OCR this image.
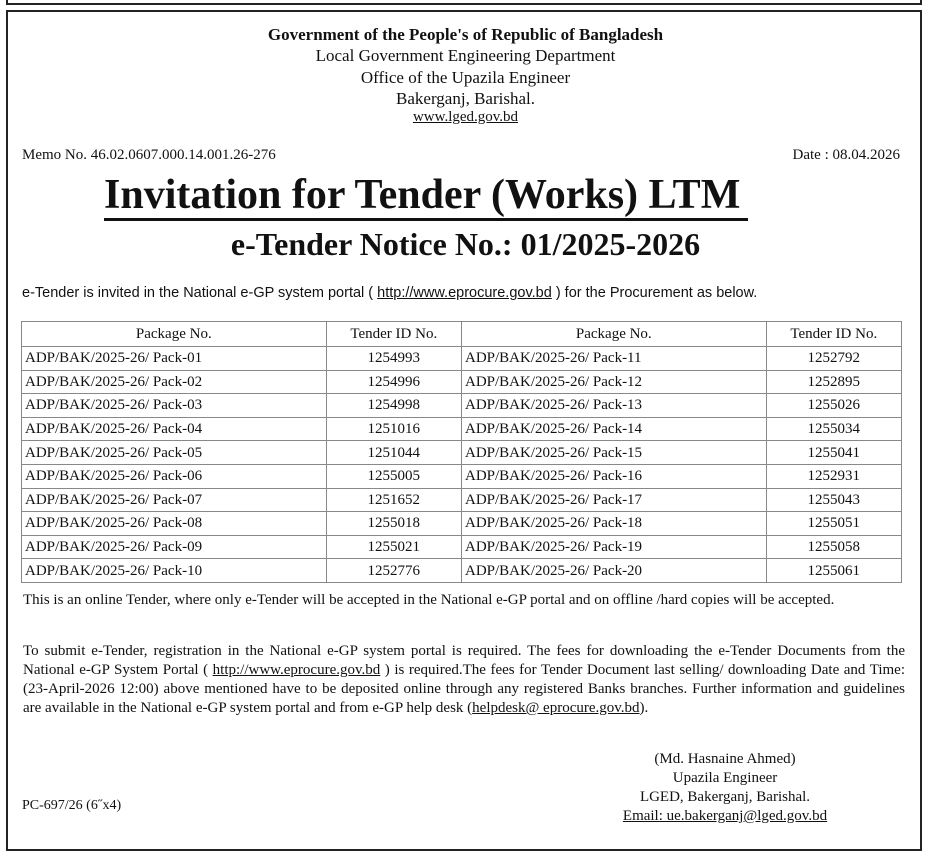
Government of the People's of Republic of Bangladesh
Local Government Engineering Department
Office of the Upazila Engineer
Bakerganj, Barishal.
www.lged.gov.bd
Memo No. 46.02.0607.000.14.001.26-276	Date : 08.04.2026
Invitation for Tender (Works) LTM
e-Tender Notice No.: 01/2025-2026
e-Tender is invited in the National e-GP system portal ( http://www.eprocure.gov.bd ) for the Procurement as below.
Package No.	Tender ID No.	Package No.	Tender ID No.
ADP/BAK/2025-26/ Pack-01	1254993	ADP/BAK/2025-26/ Pack-11	1252792
ADP/BAK/2025-26/ Pack-02	1254996	ADP/BAK/2025-26/ Pack-12	1252895
ADP/BAK/2025-26/ Pack-03	1254998	ADP/BAK/2025-26/ Pack-13	1255026
ADP/BAK/2025-26/ Pack-04	1251016	ADP/BAK/2025-26/ Pack-14	1255034
ADP/BAK/2025-26/ Pack-05	1251044	ADP/BAK/2025-26/ Pack-15	1255041
ADP/BAK/2025-26/ Pack-06	1255005	ADP/BAK/2025-26/ Pack-16	1252931
ADP/BAK/2025-26/ Pack-07	1251652	ADP/BAK/2025-26/ Pack-17	1255043
ADP/BAK/2025-26/ Pack-08	1255018	ADP/BAK/2025-26/ Pack-18	1255051
ADP/BAK/2025-26/ Pack-09	1255021	ADP/BAK/2025-26/ Pack-19	1255058
ADP/BAK/2025-26/ Pack-10	1252776	ADP/BAK/2025-26/ Pack-20	1255061
This is an online Tender, where only e-Tender will be accepted in the National e-GP portal and on offline /hard copies will be accepted.
To submit e-Tender, registration in the National e-GP system portal is required. The fees for downloading the e-Tender Documents from the National e-GP System Portal ( http://www.eprocure.gov.bd ) is required.The fees for Tender Document last selling/ downloading Date and Time: (23-April-2026 12:00) above mentioned have to be deposited online through any registered Banks branches. Further information and guidelines are available in the National e-GP system portal and from e-GP help desk (helpdesk@ eprocure.gov.bd).
(Md. Hasnaine Ahmed)
Upazila Engineer
LGED, Bakerganj, Barishal.
Email: ue.bakerganj@lged.gov.bd
PC-697/26 (6˝x4)
